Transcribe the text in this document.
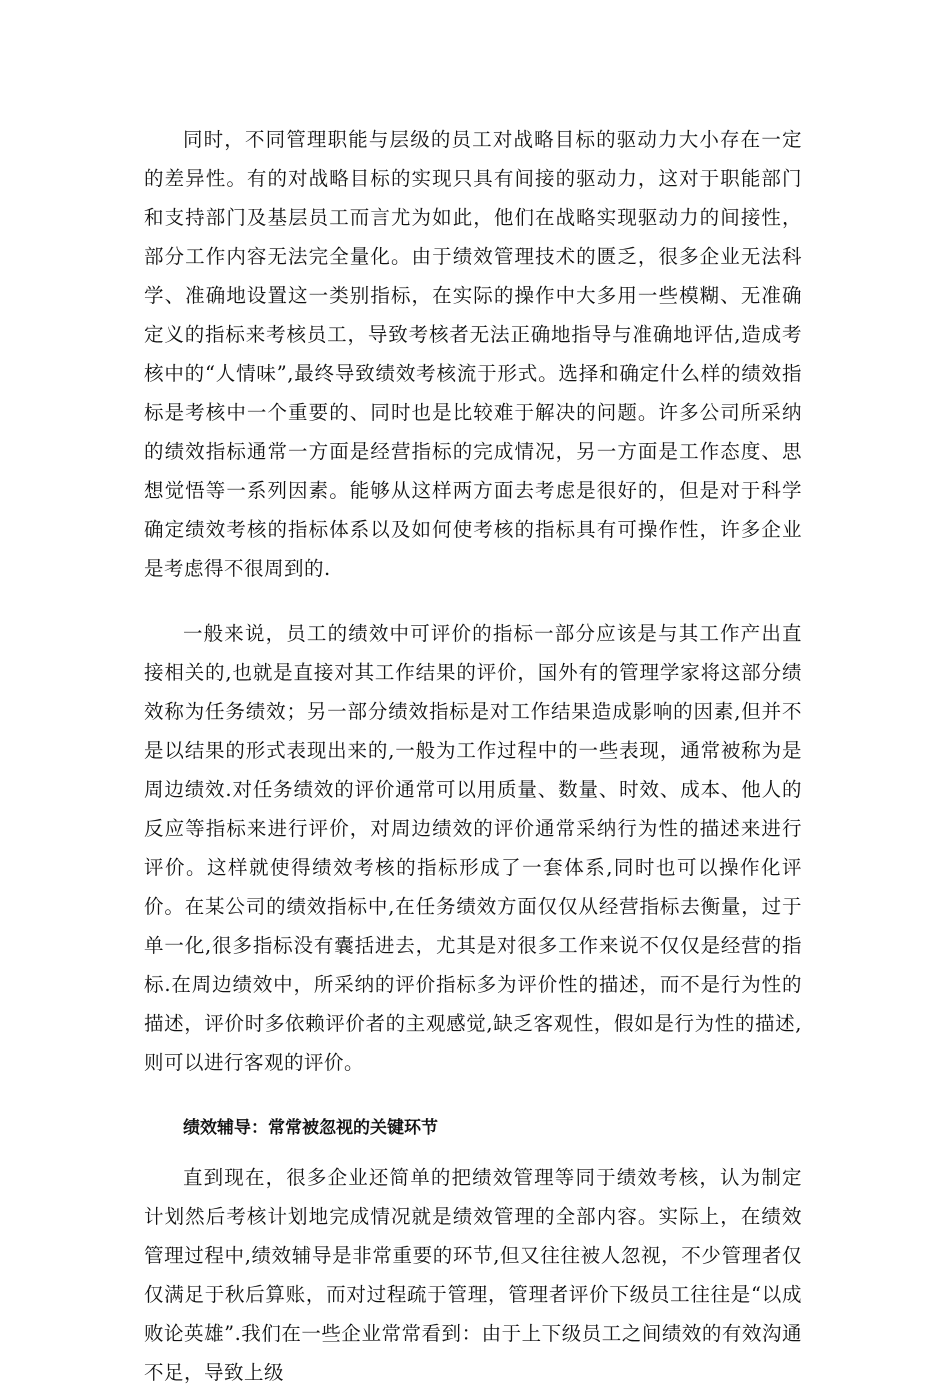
同时，不同管理职能与层级的员工对战略目标的驱动力大小存在一定的差异性。有的对战略目标的实现只具有间接的驱动力，这对于职能部门和支持部门及基层员工而言尤为如此，他们在战略实现驱动力的间接性，部分工作内容无法完全量化。由于绩效管理技术的匮乏，很多企业无法科学、准确地设置这一类别指标，在实际的操作中大多用一些模糊、无准确定义的指标来考核员工，导致考核者无法正确地指导与准确地评估,造成考核中的“人情味”,最终导致绩效考核流于形式。选择和确定什么样的绩效指标是考核中一个重要的、同时也是比较难于解决的问题。许多公司所采纳的绩效指标通常一方面是经营指标的完成情况，另一方面是工作态度、思想觉悟等一系列因素。能够从这样两方面去考虑是很好的，但是对于科学确定绩效考核的指标体系以及如何使考核的指标具有可操作性，许多企业是考虑得不很周到的.

一般来说，员工的绩效中可评价的指标一部分应该是与其工作产出直接相关的,也就是直接对其工作结果的评价，国外有的管理学家将这部分绩效称为任务绩效；另一部分绩效指标是对工作结果造成影响的因素,但并不是以结果的形式表现出来的,一般为工作过程中的一些表现，通常被称为是周边绩效.对任务绩效的评价通常可以用质量、数量、时效、成本、他人的反应等指标来进行评价，对周边绩效的评价通常采纳行为性的描述来进行评价。这样就使得绩效考核的指标形成了一套体系,同时也可以操作化评价。在某公司的绩效指标中,在任务绩效方面仅仅从经营指标去衡量，过于单一化,很多指标没有囊括进去，尤其是对很多工作来说不仅仅是经营的指标.在周边绩效中，所采纳的评价指标多为评价性的描述，而不是行为性的描述，评价时多依赖评价者的主观感觉,缺乏客观性，假如是行为性的描述,则可以进行客观的评价。

绩效辅导：常常被忽视的关键环节

直到现在，很多企业还简单的把绩效管理等同于绩效考核，认为制定计划然后考核计划地完成情况就是绩效管理的全部内容。实际上，在绩效管理过程中,绩效辅导是非常重要的环节,但又往往被人忽视，不少管理者仅仅满足于秋后算账，而对过程疏于管理，管理者评价下级员工往往是“以成败论英雄”.我们在一些企业常常看到：由于上下级员工之间绩效的有效沟通不足，导致上级
